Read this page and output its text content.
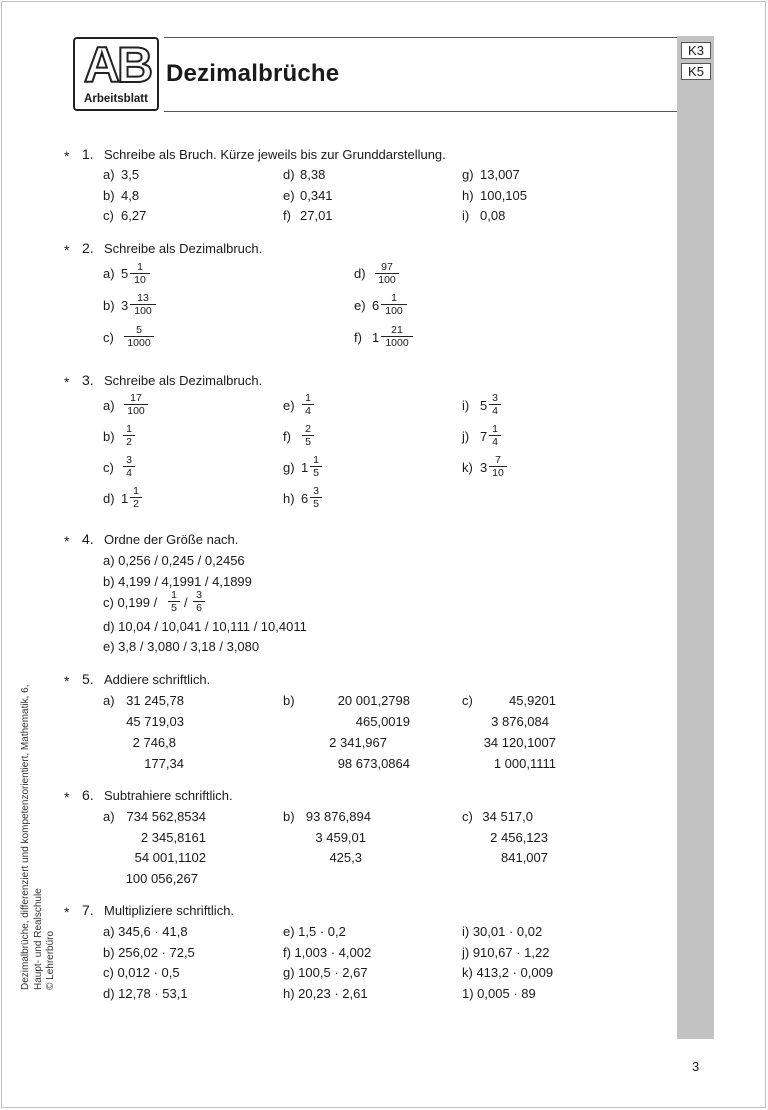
AB
Arbeitsblatt
Dezimalbrüche
K3
K5
Dezimalbrüche, differenziert und kompetenzorientiert, Mathematik, 6, Haupt- und Realschule © Lehrerbüro
3
* 1. Schreibe als Bruch. Kürze jeweils bis zur Grunddarstellung.
a) 3,5
b) 4,8
c) 6,27
d) 8,38
e) 0,341
f) 27,01
g) 13,007
h) 100,105
i) 0,08
* 2. Schreibe als Dezimalbruch.
a) $5 \frac{1}{10}$
b) $3 \frac{13}{100}$
$c) \frac{5}{1000}$
$d) \frac{97}{100}$
e) $6 \frac{1}{100}$
f) $1 \frac{21}{1000}$
* 3. Schreibe als Dezimalbruch.
$a) \frac{17}{100}$
$b) \frac{1}{2}$
$c) \frac{3}{4}$
d) $1 \frac{1}{2}$
$e) \frac{1}{4}$
$f) \frac{2}{5}$
g) $1 \frac{1}{5}$
h) $6 \frac{3}{5}$
i) $5 \frac{3}{4}$
j) $7 \frac{1}{4}$
k) $3 \frac{7}{10}$
* 4. Ordne der Größe nach.
a) 0,256 / 0,245 / 0,2456
b) 4,199 / 4,1991 / 4,1899
c) $0,199 / \frac{1}{5} / \frac{3}{6}$
d) 10,04 / 10,041 / 10,111 / 10,4011
e) 3,8 / 3,080 / 3,18 / 3,080
* 5. Addiere schriftlich.
a) 31 245,78
45 719,03
2 746,8
177,34
b)	20 001,2798
465,0019
2 341,967
98 673,0864
c)	45,9201
3 876,084
34 120,1007
1 000,1111
* 6. Subtrahiere schriftlich.
a) 734 562,8534
2 345,8161
54 001,1102
100 056,267
b) 93 876,894
3 459,01
425,3
c) 34 517,0
2 456,123
841,007
* 7. Multipliziere schriftlich.
a) 345,6 · 41,8
b) 256,02 · 72,5
c) 0,012 · 0,5
d) 12,78 · 53,1
e) 1,5 · 0,2
f) 1,003 · 4,002
g) 100,5 · 2,67
h) 20,23 · 2,61
i) 30,01 · 0,02
j) 910,67 · 1,22
k) 413,2 · 0,009
1) 0,005 · 89
